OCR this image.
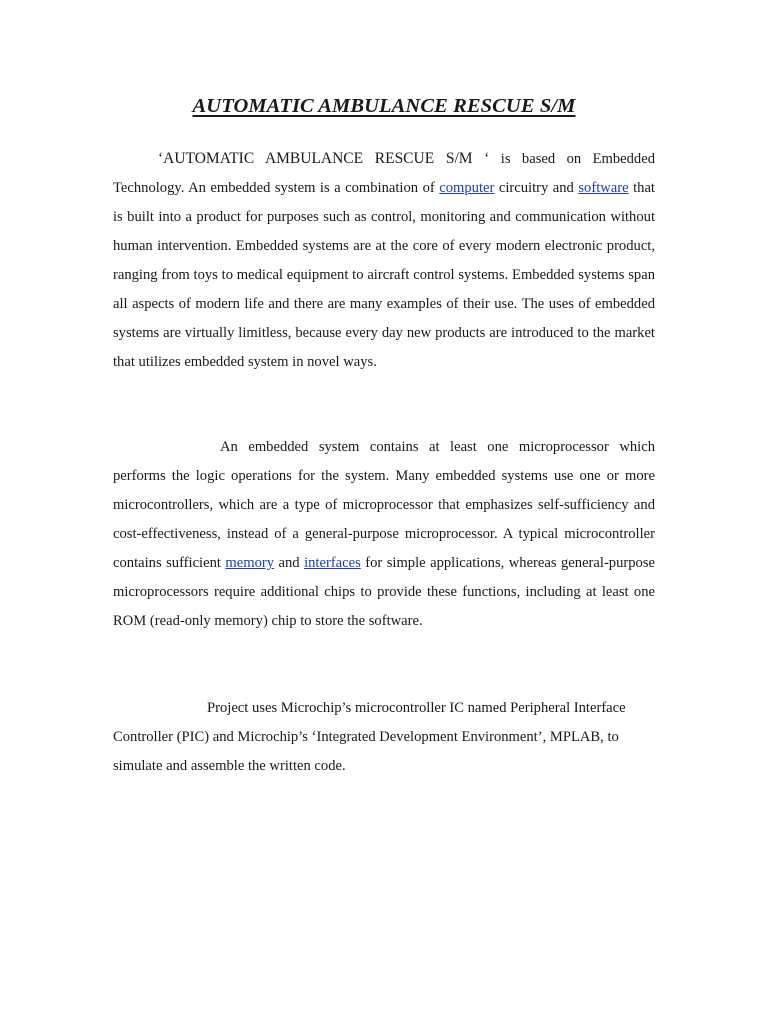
AUTOMATIC AMBULANCE RESCUE S/M

‘AUTOMATIC AMBULANCE RESCUE S/M ‘ is based on Embedded Technology. An embedded system is a combination of computer circuitry and software that is built into a product for purposes such as control, monitoring and communication without human intervention. Embedded systems are at the core of every modern electronic product, ranging from toys to medical equipment to aircraft control systems. Embedded systems span all aspects of modern life and there are many examples of their use. The uses of embedded systems are virtually limitless, because every day new products are introduced to the market that utilizes embedded system in novel ways.

An embedded system contains at least one microprocessor which performs the logic operations for the system. Many embedded systems use one or more microcontrollers, which are a type of microprocessor that emphasizes self-sufficiency and cost-effectiveness, instead of a general-purpose microprocessor. A typical microcontroller contains sufficient memory and interfaces for simple applications, whereas general-purpose microprocessors require additional chips to provide these functions, including at least one ROM (read-only memory) chip to store the software.

Project uses Microchip’s microcontroller IC named Peripheral Interface Controller (PIC) and Microchip’s ‘Integrated Development Environment’, MPLAB, to simulate and assemble the written code.
